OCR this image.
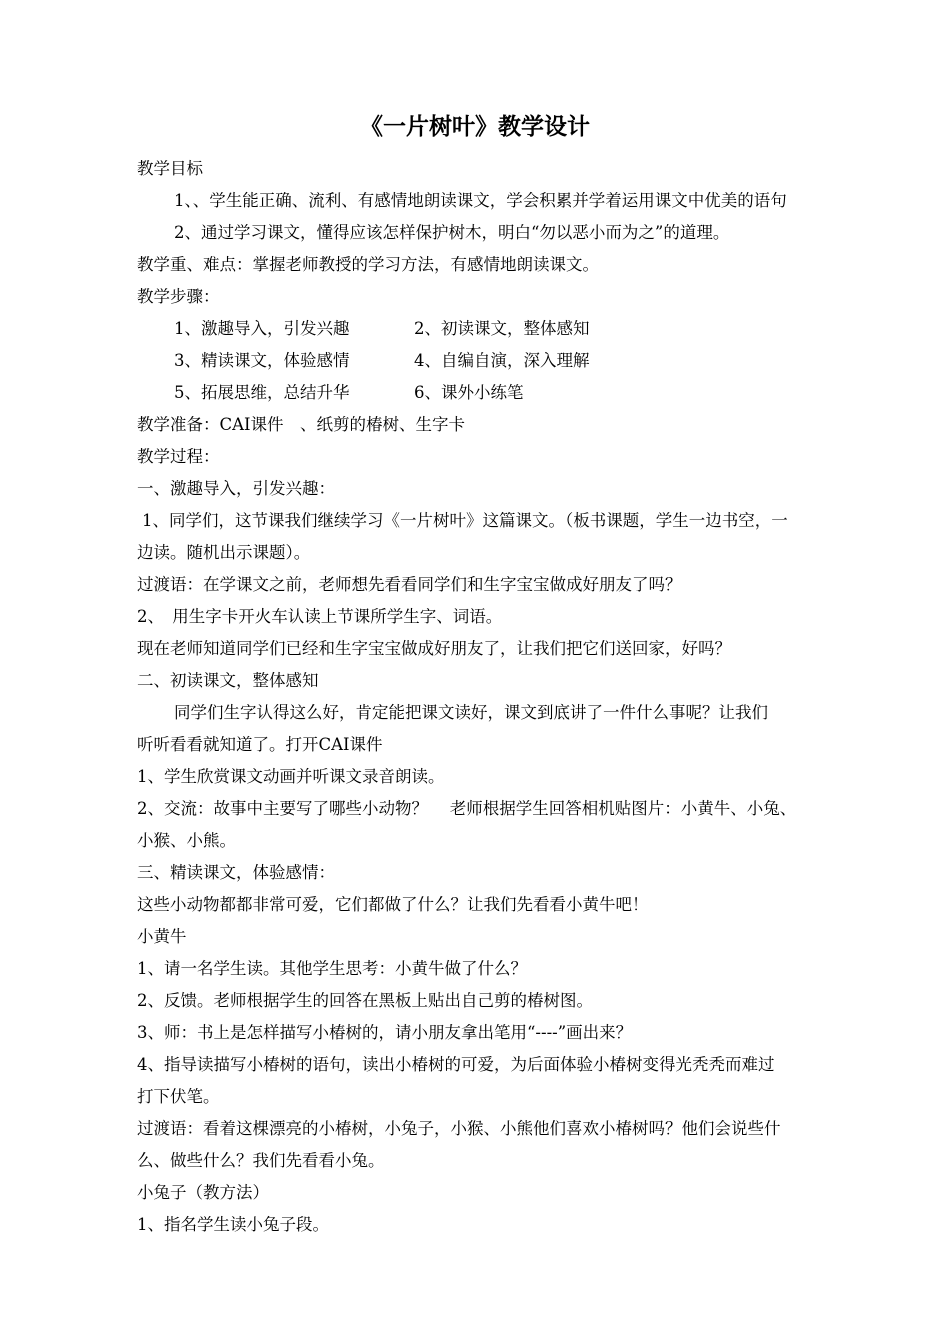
《一片树叶》教学设计
教学目标
1、、学生能正确、流利、有感情地朗读课文，学会积累并学着运用课文中优美的语句
2、通过学习课文，懂得应该怎样保护树木，明白“勿以恶小而为之”的道理。
教学重、难点：掌握老师教授的学习方法，有感情地朗读课文。
教学步骤：
1、激趣导入，引发兴趣	2、初读课文，整体感知
3、精读课文，体验感情	4、自编自演，深入理解
5、拓展思维，总结升华	6、课外小练笔
教学准备：CAI课件　、纸剪的椿树、生字卡
教学过程：
一、激趣导入，引发兴趣：
1、同学们，这节课我们继续学习《一片树叶》这篇课文。（板书课题，学生一边书空，一
边读。随机出示课题）。
过渡语：在学课文之前，老师想先看看同学们和生字宝宝做成好朋友了吗？
2、　用生字卡开火车认读上节课所学生字、词语。
现在老师知道同学们已经和生字宝宝做成好朋友了，让我们把它们送回家，好吗？
二、初读课文，整体感知
同学们生字认得这么好，肯定能把课文读好，课文到底讲了一件什么事呢？让我们
听听看看就知道了。打开CAI课件
1、学生欣赏课文动画并听课文录音朗读。
2、交流：故事中主要写了哪些小动物？　 老师根据学生回答相机贴图片：小黄牛、小兔、
小猴、小熊。
三、精读课文，体验感情：
这些小动物都都非常可爱，它们都做了什么？让我们先看看小黄牛吧！
小黄牛
1、请一名学生读。其他学生思考：小黄牛做了什么？
2、反馈。老师根据学生的回答在黑板上贴出自己剪的椿树图。
3、师：书上是怎样描写小椿树的，请小朋友拿出笔用“----”画出来？
4、指导读描写小椿树的语句，读出小椿树的可爱，为后面体验小椿树变得光秃秃而难过
打下伏笔。
过渡语：看着这棵漂亮的小椿树，小兔子，小猴、小熊他们喜欢小椿树吗？他们会说些什
么、做些什么？我们先看看小兔。
小兔子（教方法）
1、指名学生读小兔子段。
